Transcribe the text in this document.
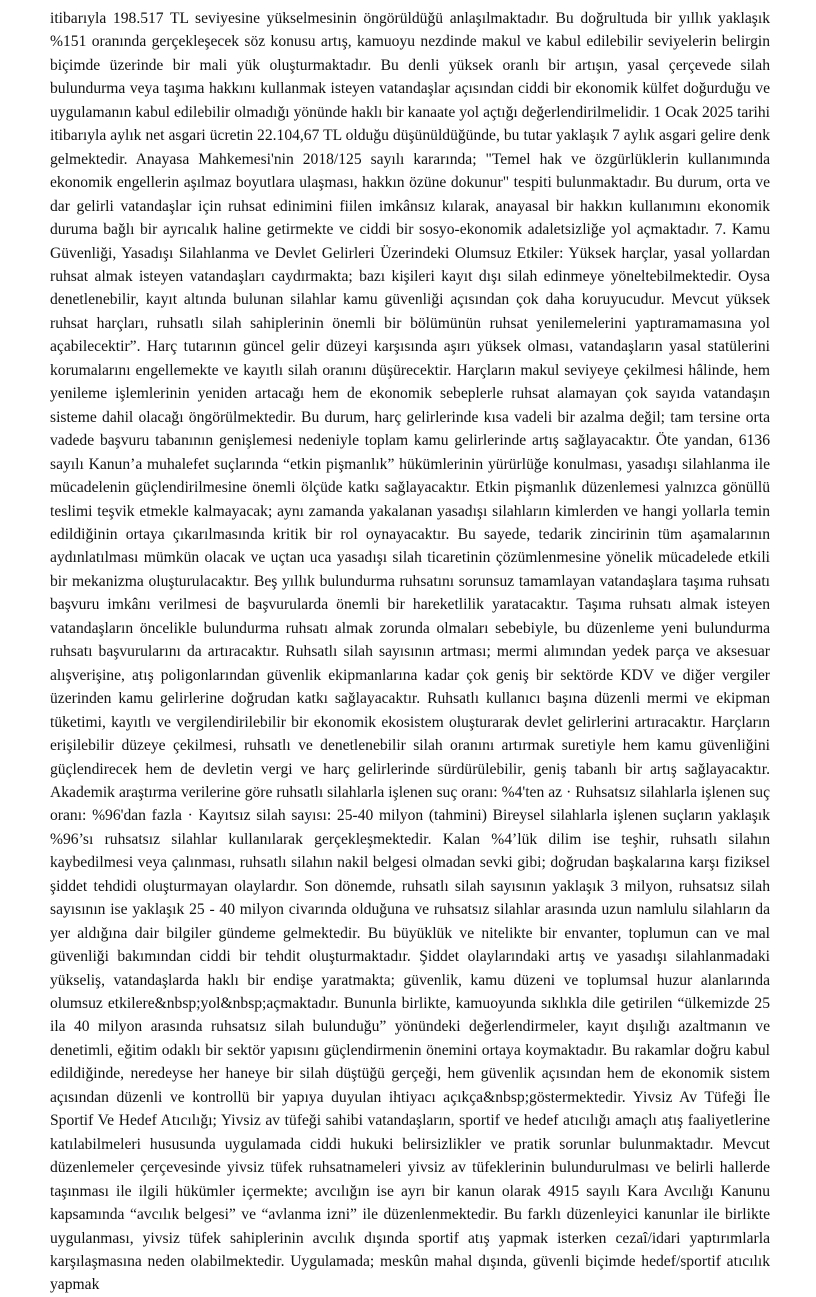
itibarıyla 198.517 TL seviyesine yükselmesinin öngörüldüğü anlaşılmaktadır. Bu doğrultuda bir yıllık yaklaşık %151 oranında gerçekleşecek söz konusu artış, kamuoyu nezdinde makul ve kabul edilebilir seviyelerin belirgin biçimde üzerinde bir mali yük oluşturmaktadır. Bu denli yüksek oranlı bir artışın, yasal çerçevede silah bulundurma veya taşıma hakkını kullanmak isteyen vatandaşlar açısından ciddi bir ekonomik külfet doğurduğu ve uygulamanın kabul edilebilir olmadığı yönünde haklı bir kanaate yol açtığı değerlendirilmelidir. 1 Ocak 2025 tarihi itibarıyla aylık net asgari ücretin 22.104,67 TL olduğu düşünüldüğünde, bu tutar yaklaşık 7 aylık asgari gelire denk gelmektedir. Anayasa Mahkemesi'nin 2018/125 sayılı kararında; "Temel hak ve özgürlüklerin kullanımında ekonomik engellerin aşılmaz boyutlara ulaşması, hakkın özüne dokunur" tespiti bulunmaktadır. Bu durum, orta ve dar gelirli vatandaşlar için ruhsat edinimini fiilen imkânsız kılarak, anayasal bir hakkın kullanımını ekonomik duruma bağlı bir ayrıcalık haline getirmekte ve ciddi bir sosyo-ekonomik adaletsizliğe yol açmaktadır. 7. Kamu Güvenliği, Yasadışı Silahlanma ve Devlet Gelirleri Üzerindeki Olumsuz Etkiler: Yüksek harçlar, yasal yollardan ruhsat almak isteyen vatandaşları caydırmakta; bazı kişileri kayıt dışı silah edinmeye yöneltebilmektedir. Oysa denetlenebilir, kayıt altında bulunan silahlar kamu güvenliği açısından çok daha koruyucudur. Mevcut yüksek ruhsat harçları, ruhsatlı silah sahiplerinin önemli bir bölümünün ruhsat yenilemelerini yaptıramamasına yol açabilecektir”. Harç tutarının güncel gelir düzeyi karşısında aşırı yüksek olması, vatandaşların yasal statülerini korumalarını engellemekte ve kayıtlı silah oranını düşürecektir. Harçların makul seviyeye çekilmesi hâlinde, hem yenileme işlemlerinin yeniden artacağı hem de ekonomik sebeplerle ruhsat alamayan çok sayıda vatandaşın sisteme dahil olacağı öngörülmektedir. Bu durum, harç gelirlerinde kısa vadeli bir azalma değil; tam tersine orta vadede başvuru tabanının genişlemesi nedeniyle toplam kamu gelirlerinde artış sağlayacaktır. Öte yandan, 6136 sayılı Kanun’a muhalefet suçlarında “etkin pişmanlık” hükümlerinin yürürlüğe konulması, yasadışı silahlanma ile mücadelenin güçlendirilmesine önemli ölçüde katkı sağlayacaktır. Etkin pişmanlık düzenlemesi yalnızca gönüllü teslimi teşvik etmekle kalmayacak; aynı zamanda yakalanan yasadışı silahların kimlerden ve hangi yollarla temin edildiğinin ortaya çıkarılmasında kritik bir rol oynayacaktır. Bu sayede, tedarik zincirinin tüm aşamalarının aydınlatılması mümkün olacak ve uçtan uca yasadışı silah ticaretinin çözümlenmesine yönelik mücadelede etkili bir mekanizma oluşturulacaktır. Beş yıllık bulundurma ruhsatını sorunsuz tamamlayan vatandaşlara taşıma ruhsatı başvuru imkânı verilmesi de başvurularda önemli bir hareketlilik yaratacaktır. Taşıma ruhsatı almak isteyen vatandaşların öncelikle bulundurma ruhsatı almak zorunda olmaları sebebiyle, bu düzenleme yeni bulundurma ruhsatı başvurularını da artıracaktır. Ruhsatlı silah sayısının artması; mermi alımından yedek parça ve aksesuar alışverişine, atış poligonlarından güvenlik ekipmanlarına kadar çok geniş bir sektörde KDV ve diğer vergiler üzerinden kamu gelirlerine doğrudan katkı sağlayacaktır. Ruhsatlı kullanıcı başına düzenli mermi ve ekipman tüketimi, kayıtlı ve vergilendirilebilir bir ekonomik ekosistem oluşturarak devlet gelirlerini artıracaktır. Harçların erişilebilir düzeye çekilmesi, ruhsatlı ve denetlenebilir silah oranını artırmak suretiyle hem kamu güvenliğini güçlendirecek hem de devletin vergi ve harç gelirlerinde sürdürülebilir, geniş tabanlı bir artış sağlayacaktır. Akademik araştırma verilerine göre ruhsatlı silahlarla işlenen suç oranı: %4'ten az · Ruhsatsız silahlarla işlenen suç oranı: %96'dan fazla · Kayıtsız silah sayısı: 25-40 milyon (tahmini) Bireysel silahlarla işlenen suçların yaklaşık %96’sı ruhsatsız silahlar kullanılarak gerçekleşmektedir. Kalan %4’lük dilim ise teşhir, ruhsatlı silahın kaybedilmesi veya çalınması, ruhsatlı silahın nakil belgesi olmadan sevki gibi; doğrudan başkalarına karşı fiziksel şiddet tehdidi oluşturmayan olaylardır. Son dönemde, ruhsatlı silah sayısının yaklaşık 3 milyon, ruhsatsız silah sayısının ise yaklaşık 25 - 40 milyon civarında olduğuna ve ruhsatsız silahlar arasında uzun namlulu silahların da yer aldığına dair bilgiler gündeme gelmektedir. Bu büyüklük ve nitelikte bir envanter, toplumun can ve mal güvenliği bakımından ciddi bir tehdit oluşturmaktadır. Şiddet olaylarındaki artış ve yasadışı silahlanmadaki yükseliş, vatandaşlarda haklı bir endişe yaratmakta; güvenlik, kamu düzeni ve toplumsal huzur alanlarında olumsuz etkilere&nbsp;yol&nbsp;açmaktadır. Bununla birlikte, kamuoyunda sıklıkla dile getirilen “ülkemizde 25 ila 40 milyon arasında ruhsatsız silah bulunduğu” yönündeki değerlendirmeler, kayıt dışılığı azaltmanın ve denetimli, eğitim odaklı bir sektör yapısını güçlendirmenin önemini ortaya koymaktadır. Bu rakamlar doğru kabul edildiğinde, neredeyse her haneye bir silah düştüğü gerçeği, hem güvenlik açısından hem de ekonomik sistem açısından düzenli ve kontrollü bir yapıya duyulan ihtiyacı açıkça&nbsp;göstermektedir. Yivsiz Av Tüfeği İle Sportif Ve Hedef Atıcılığı; Yivsiz av tüfeği sahibi vatandaşların, sportif ve hedef atıcılığı amaçlı atış faaliyetlerine katılabilmeleri hususunda uygulamada ciddi hukuki belirsizlikler ve pratik sorunlar bulunmaktadır. Mevcut düzenlemeler çerçevesinde yivsiz tüfek ruhsatnameleri yivsiz av tüfeklerinin bulundurulması ve belirli hallerde taşınması ile ilgili hükümler içermekte; avcılığın ise ayrı bir kanun olarak 4915 sayılı Kara Avcılığı Kanunu kapsamında “avcılık belgesi” ve “avlanma izni” ile düzenlenmektedir. Bu farklı düzenleyici kanunlar ile birlikte uygulanması, yivsiz tüfek sahiplerinin avcılık dışında sportif atış yapmak isterken cezaî/idari yaptırımlarla karşılaşmasına neden olabilmektedir. Uygulamada; meskûn mahal dışında, güvenli biçimde hedef/sportif atıcılık yapmak
